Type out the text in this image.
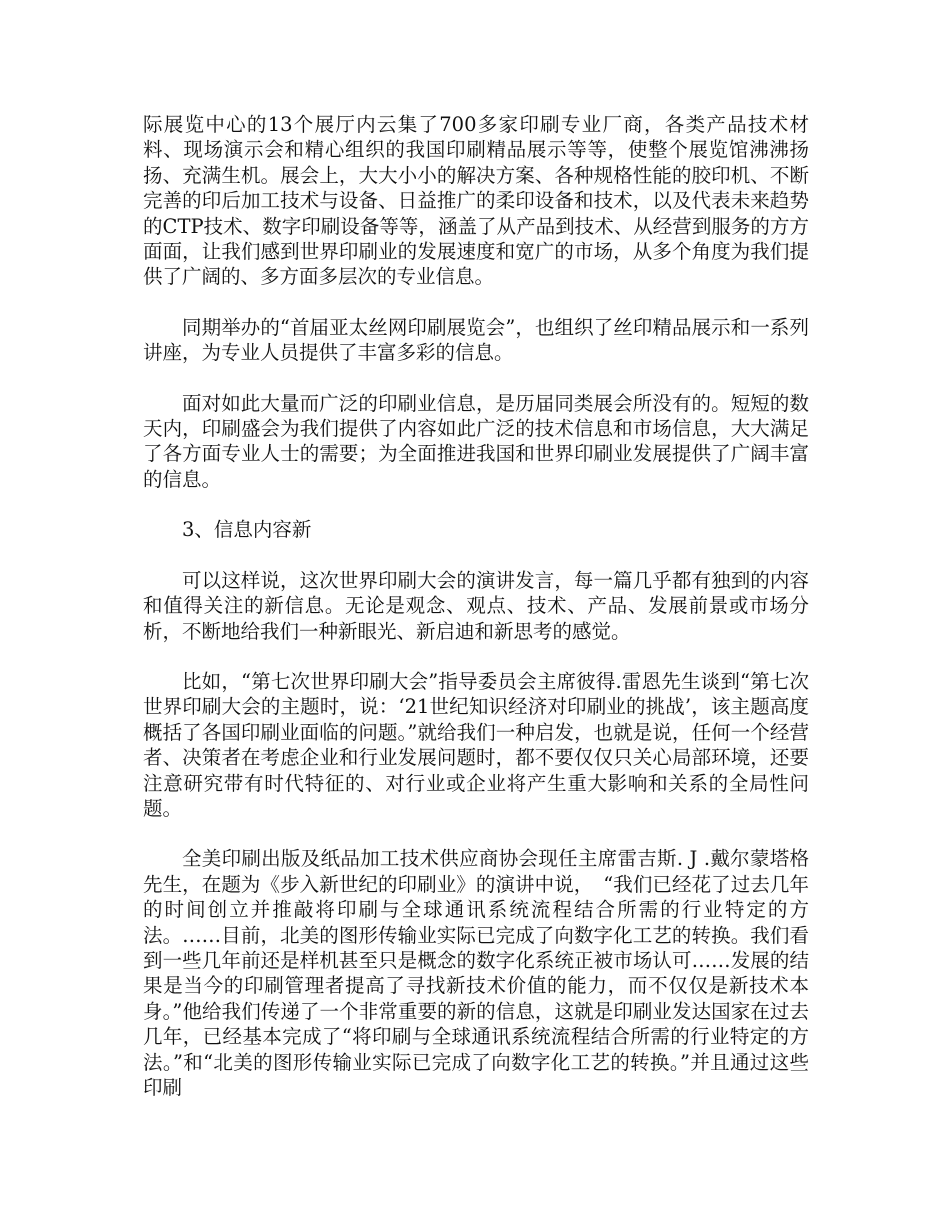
际展览中心的13个展厅内云集了700多家印刷专业厂商，各类产品技术材料、现场演示会和精心组织的我国印刷精品展示等等，使整个展览馆沸沸扬扬、充满生机。展会上，大大小小的解决方案、各种规格性能的胶印机、不断完善的印后加工技术与设备、日益推广的柔印设备和技术，以及代表未来趋势的CTP技术、数字印刷设备等等，涵盖了从产品到技术、从经营到服务的方方面面，让我们感到世界印刷业的发展速度和宽广的市场，从多个角度为我们提供了广阔的、多方面多层次的专业信息。

同期举办的“首届亚太丝网印刷展览会”，也组织了丝印精品展示和一系列讲座，为专业人员提供了丰富多彩的信息。

面对如此大量而广泛的印刷业信息，是历届同类展会所没有的。短短的数天内，印刷盛会为我们提供了内容如此广泛的技术信息和市场信息，大大满足了各方面专业人士的需要；为全面推进我国和世界印刷业发展提供了广阔丰富的信息。

3、信息内容新

可以这样说，这次世界印刷大会的演讲发言，每一篇几乎都有独到的内容和值得关注的新信息。无论是观念、观点、技术、产品、发展前景或市场分析，不断地给我们一种新眼光、新启迪和新思考的感觉。

比如，“第七次世界印刷大会”指导委员会主席彼得.雷恩先生谈到“第七次世界印刷大会的主题时，说：‘21世纪知识经济对印刷业的挑战’，该主题高度概括了各国印刷业面临的问题。”就给我们一种启发，也就是说，任何一个经营者、决策者在考虑企业和行业发展问题时，都不要仅仅只关心局部环境，还要注意研究带有时代特征的、对行业或企业将产生重大影响和关系的全局性问题。

全美印刷出版及纸品加工技术供应商协会现任主席雷吉斯. J .戴尔蒙塔格先生，在题为《步入新世纪的印刷业》的演讲中说，　“我们已经花了过去几年的时间创立并推敲将印刷与全球通讯系统流程结合所需的行业特定的方法。……目前，北美的图形传输业实际已完成了向数字化工艺的转换。我们看到一些几年前还是样机甚至只是概念的数字化系统正被市场认可……发展的结果是当今的印刷管理者提高了寻找新技术价值的能力，而不仅仅是新技术本身。”他给我们传递了一个非常重要的新的信息，这就是印刷业发达国家在过去几年，已经基本完成了“将印刷与全球通讯系统流程结合所需的行业特定的方法。”和“北美的图形传输业实际已完成了向数字化工艺的转换。”并且通过这些印刷
